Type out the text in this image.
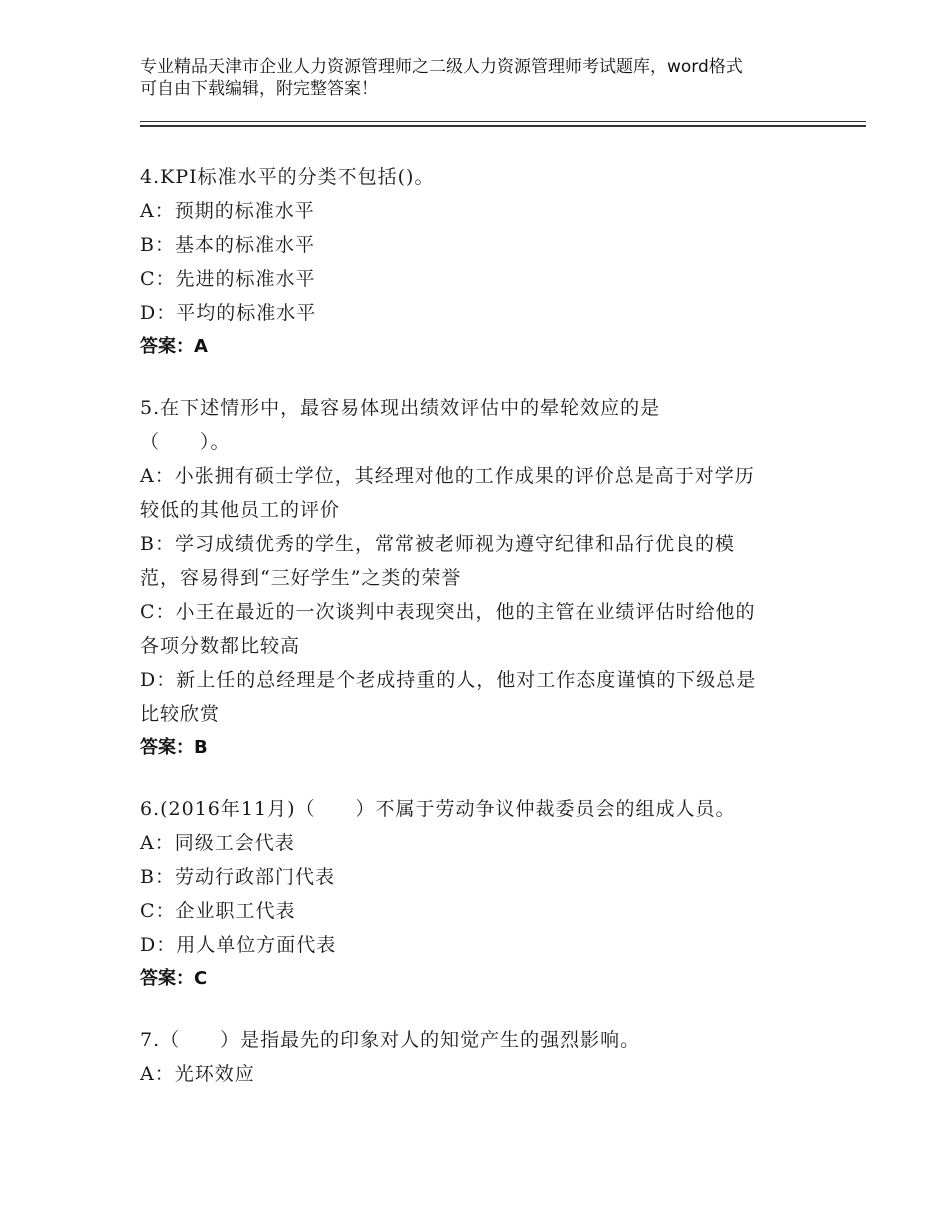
专业精品天津市企业人力资源管理师之二级人力资源管理师考试题库，word格式
可自由下载编辑，附完整答案！
4.KPI标准水平的分类不包括()。
A：预期的标准水平
B：基本的标准水平
C：先进的标准水平
D：平均的标准水平
答案：A
5.在下述情形中，最容易体现出绩效评估中的晕轮效应的是
（　　）。
A：小张拥有硕士学位，其经理对他的工作成果的评价总是高于对学历
较低的其他员工的评价
B：学习成绩优秀的学生，常常被老师视为遵守纪律和品行优良的模
范，容易得到“三好学生”之类的荣誉
C：小王在最近的一次谈判中表现突出，他的主管在业绩评估时给他的
各项分数都比较高
D：新上任的总经理是个老成持重的人，他对工作态度谨慎的下级总是
比较欣赏
答案：B
6.(2016年11月)（　　）不属于劳动争议仲裁委员会的组成人员。
A：同级工会代表
B：劳动行政部门代表
C：企业职工代表
D：用人单位方面代表
答案：C
7.（　　）是指最先的印象对人的知觉产生的强烈影响。
A：光环效应
